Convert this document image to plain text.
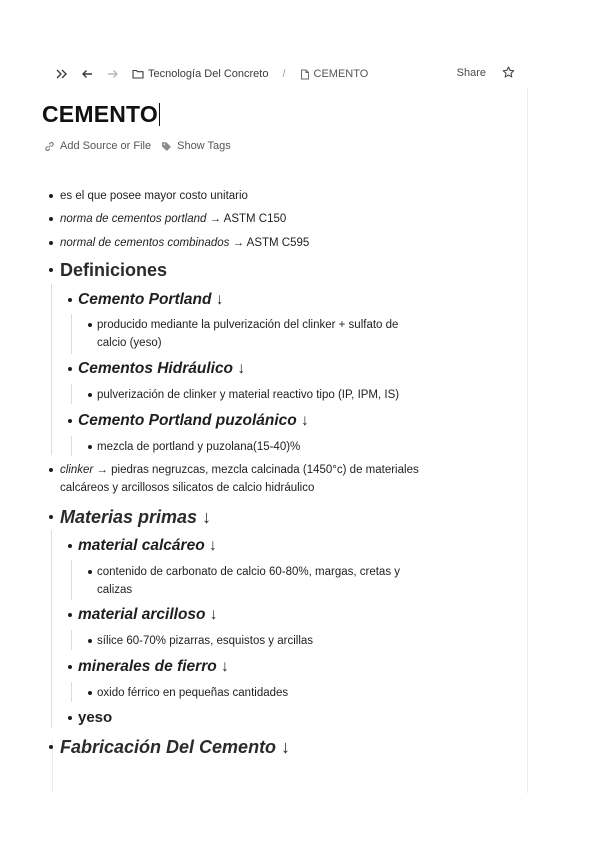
Tecnología Del Concreto /	CEMENTO	Share
CEMENTO
Add Source or File Show Tags
es el que posee mayor costo unitario
norma de cementos portland → ASTM C150
normal de cementos combinados → ASTM C595
Definiciones
Cemento Portland ↓
producido mediante la pulverización del clinker + sulfato de
calcio (yeso)
Cementos Hidráulico ↓
pulverización de clinker y material reactivo tipo (IP, IPM, IS)
Cemento Portland puzolánico ↓
mezcla de portland y puzolana(15-40)%
clinker → piedras negruzcas, mezcla calcinada (1450°c) de materiales
calcáreos y arcillosos silicatos de calcio hidráulico
Materias primas ↓
material calcáreo ↓
contenido de carbonato de calcio 60-80%, margas, cretas y
calizas
material arcilloso ↓
sílice 60-70% pizarras, esquistos y arcillas
minerales de fierro ↓
oxido férrico en pequeñas cantidades
yeso
Fabricación Del Cemento ↓
